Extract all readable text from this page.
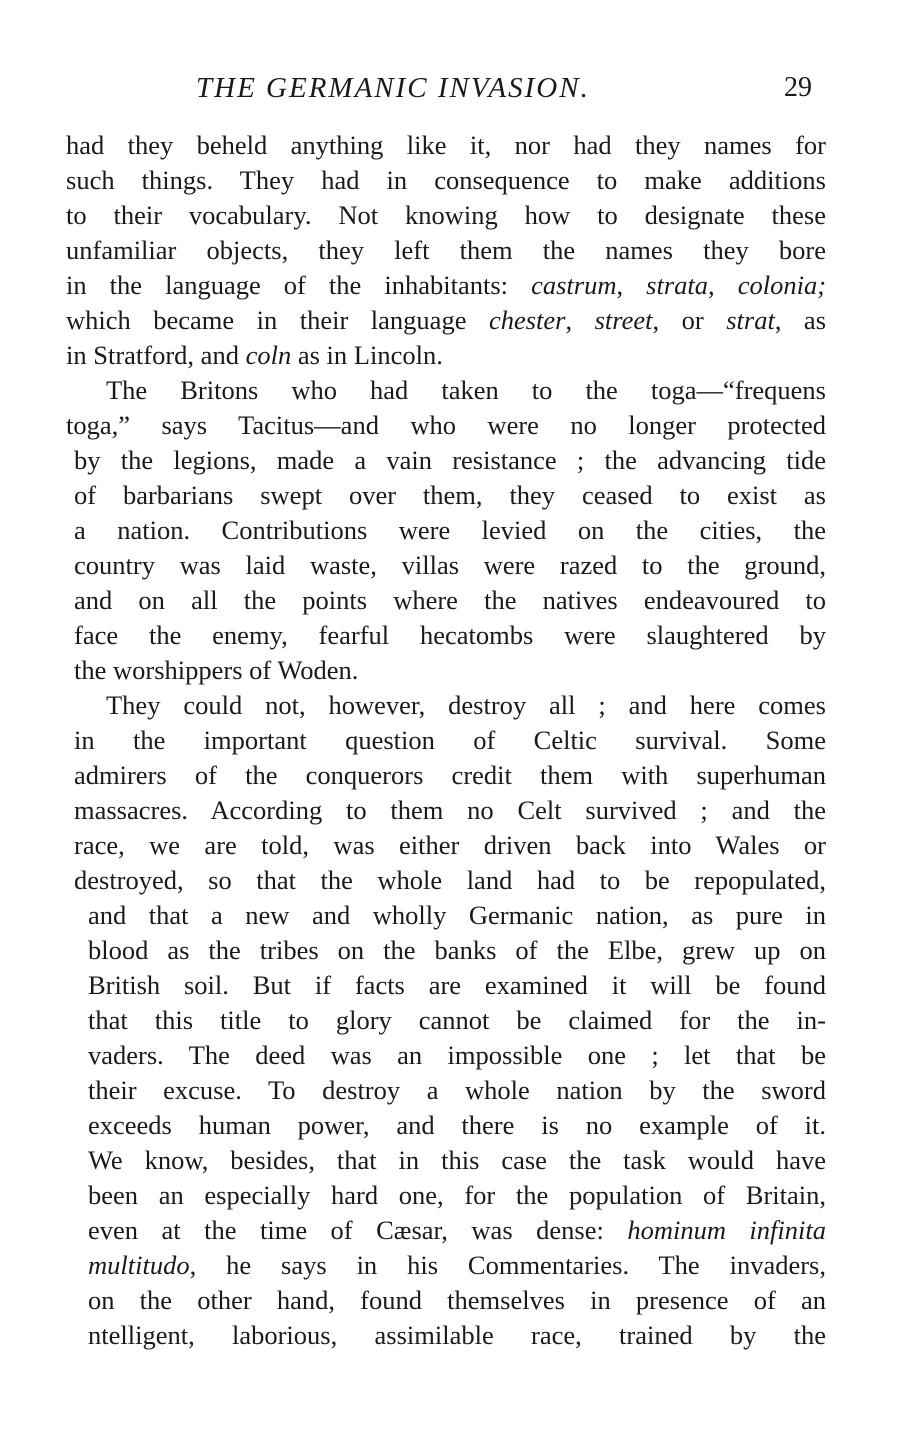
THE GERMANIC INVASION.	29
had they beheld anything like it, nor had they names for
such things. They had in consequence to make additions
to their vocabulary. Not knowing how to designate these
unfamiliar objects, they left them the names they bore
in the language of the inhabitants: castrum, strata, colonia;
which became in their language chester, street, or strat, as
in Stratford, and coln as in Lincoln.
The Britons who had taken to the toga—“frequens
toga,” says Tacitus—and who were no longer protected
by the legions, made a vain resistance ; the advancing tide
of barbarians swept over them, they ceased to exist as
a nation. Contributions were levied on the cities, the
country was laid waste, villas were razed to the ground,
and on all the points where the natives endeavoured to
face the enemy, fearful hecatombs were slaughtered by
the worshippers of Woden.
They could not, however, destroy all ; and here comes
in the important question of Celtic survival. Some
admirers of the conquerors credit them with superhuman
massacres. According to them no Celt survived ; and the
race, we are told, was either driven back into Wales or
destroyed, so that the whole land had to be repopulated,
and that a new and wholly Germanic nation, as pure in
blood as the tribes on the banks of the Elbe, grew up on
British soil. But if facts are examined it will be found
that this title to glory cannot be claimed for the in-
vaders. The deed was an impossible one ; let that be
their excuse. To destroy a whole nation by the sword
exceeds human power, and there is no example of it.
We know, besides, that in this case the task would have
been an especially hard one, for the population of Britain,
even at the time of Cæsar, was dense: hominum infinita
multitudo, he says in his Commentaries. The invaders,
on the other hand, found themselves in presence of an
ntelligent, laborious, assimilable race, trained by the
